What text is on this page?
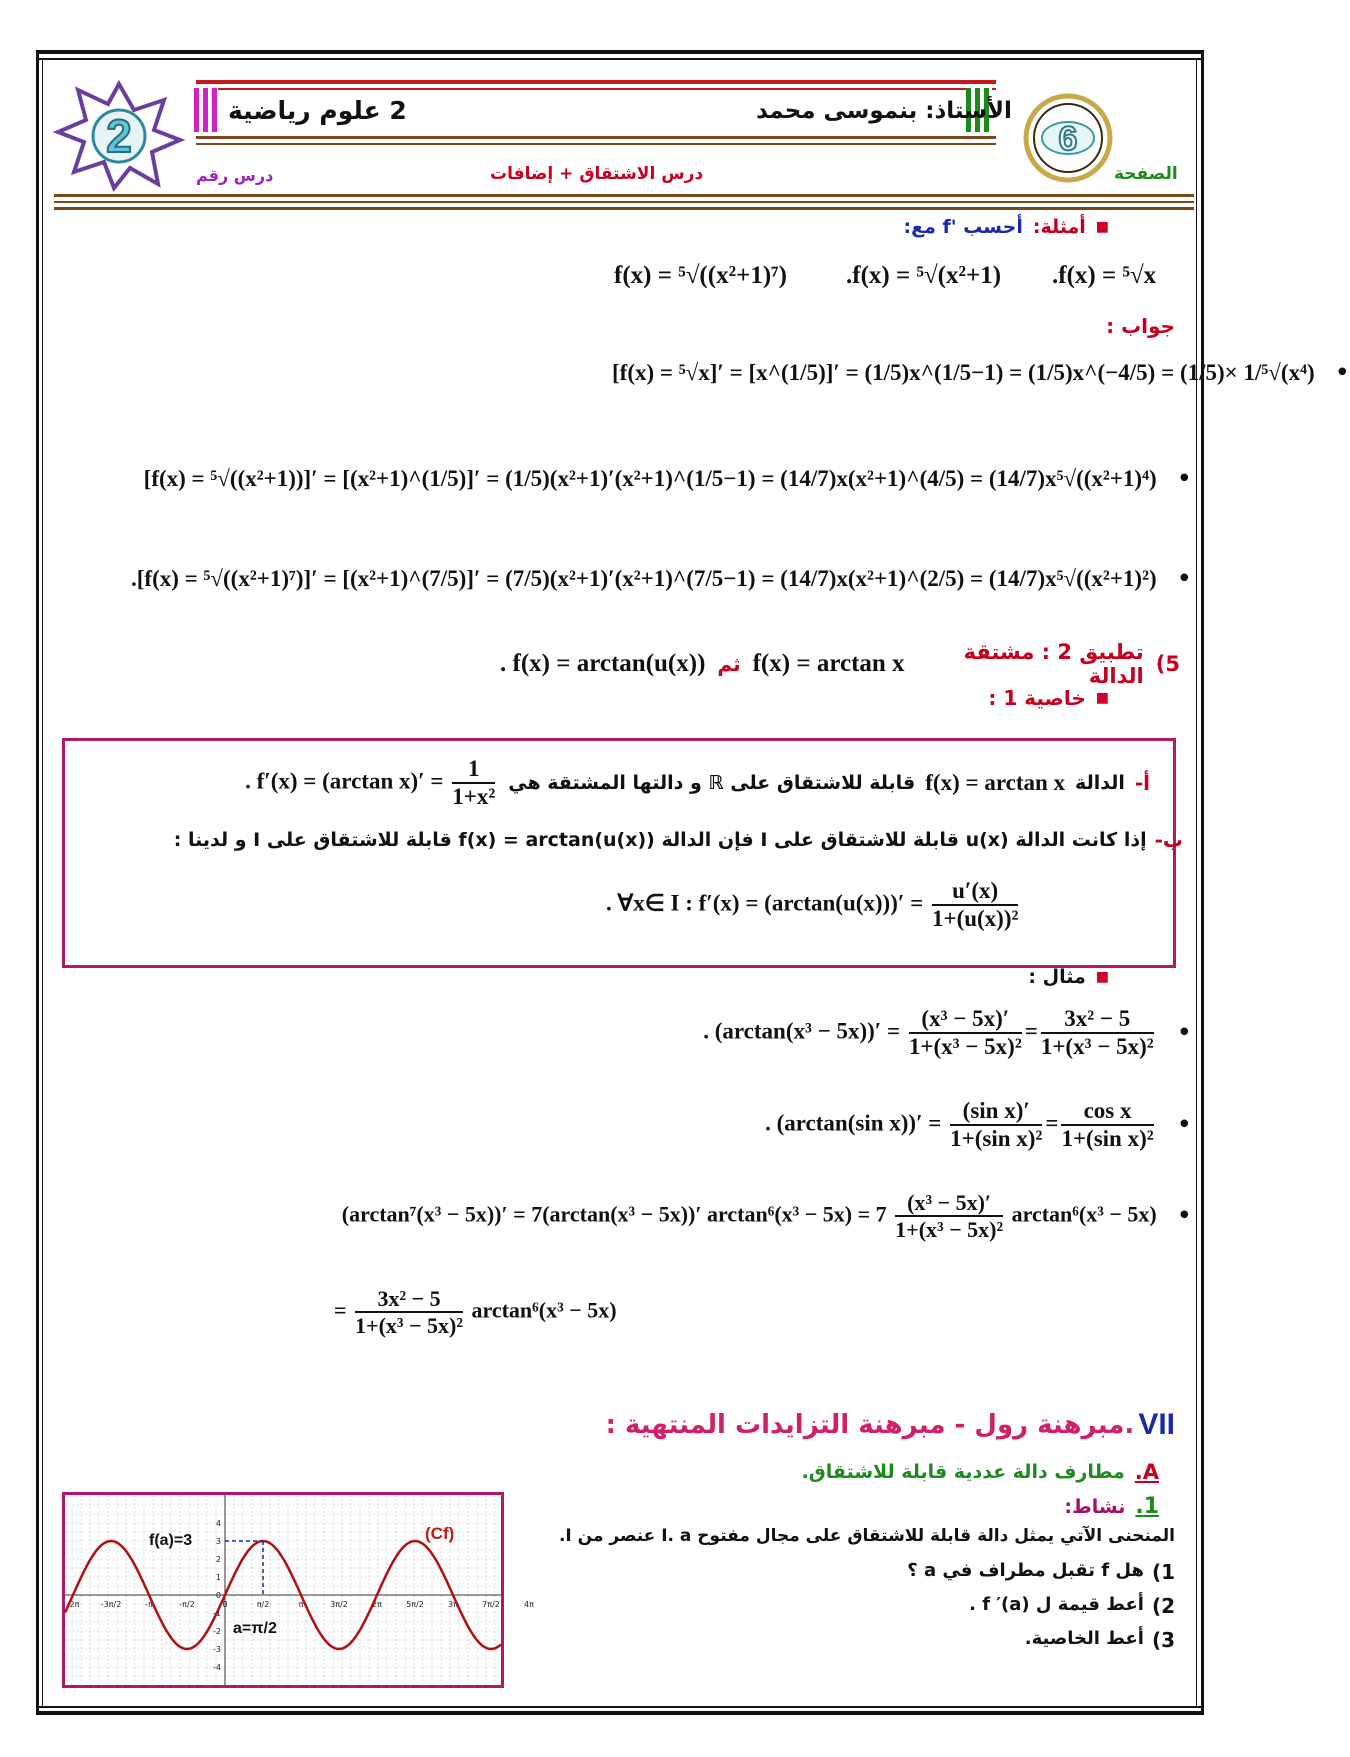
2	2 علوم رياضية	الأستاذ: بنموسى محمد
6
درس رقم	درس الاشتقاق + إضافات	الصفحة
■
أمثلة:
أحسب 'f مع:
f(x) = ⁵√((x²+1)⁷) .f(x) = ⁵√(x²+1) .f(x) = ⁵√x
جواب :
[f(x) = ⁵√x]′ = [x^(1/5)]′ = (1/5)x^(1/5−1) = (1/5)x^(−4/5) = (1/5)× 1/⁵√(x⁴) •
[f(x) = ⁵√((x²+1))]′ = [(x²+1)^(1/5)]′ = (1/5)(x²+1)′(x²+1)^(1/5−1) = (14/7)x(x²+1)^(4/5) = (14/7)x⁵√((x²+1)⁴) •
.[f(x) = ⁵√((x²+1)⁷)]′ = [(x²+1)^(7/5)]′ = (7/5)(x²+1)′(x²+1)^(7/5−1) = (14/7)x(x²+1)^(2/5) = (14/7)x⁵√((x²+1)²) •
5)
تطبيق 2 : مشتقة الدالة
f(x) = arctan x
ثم
. f(x) = arctan(u(x))
■
خاصية 1 :
أ-
الدالة
f(x) = arctan x
قابلة للاشتقاق على ℝ و دالتها المشتقة هي
. f′(x) = (arctan $x)' = \frac{1}{\text{1+x²}}$
ب-
إذا كانت الدالة u(x) قابلة للاشتقاق على I فإن الدالة f(x) = arctan(u(x)) قابلة للاشتقاق على I و لدينا :
. ∀x∈ I : $f'(x) = (\arctan(u(x)))' = \frac{u'(x)}{\text{1+(u(x))²}}$
■
مثال :
. $(\arctan(x^3 - 5x))' = \frac{\text{(x³ − 5x)′}}{\text{1+(x³ − 5x)²}} = \frac{\text{3x² − 5}}{\text{1+(x³ − 5x)²}}$ •
. (arctan(sin $x))' = \frac{\text{(sin x)′}}{\text{1+(sin x)²}} = \frac{\text{cos x}}{\text{1+(sin x)²}}$ •
(arctan⁷(x³ − 5x))′ = 7(arctan(x³ − 5x))′ $\arctan^6(x^3 - 5x) = 7 \frac{\text{(x³ − 5x)′}}{\text{1+(x³ − 5x)²}} \arctan^6(x^3 - 5x)$ •
= $\frac{\text{3x² − 5}}{\text{1+(x³ − 5x)²}} \arctan^6(x^3 - 5x)$
VII
.مبرهنة رول - مبرهنة التزايدات المنتهية :
A.
مطارف دالة عددية قابلة للاشتقاق.
1.
نشاط:
المنحنى الآتي يمثل دالة قابلة للاشتقاق على مجال مفتوح I. a عنصر من I.
1)
هل f تقبل مطراف في a ؟
2)
أعط قيمة ل f ′(a) .
3)
أعط الخاصية.
-2π	-3π/2	-π	-π/2	0	π/2	π	3π/2	2π	5π/2	3π	7π/2	4π
4
3
2
1
0
-1
-2
-3
-4
f(a)=3
a=π/2
(Cf)
